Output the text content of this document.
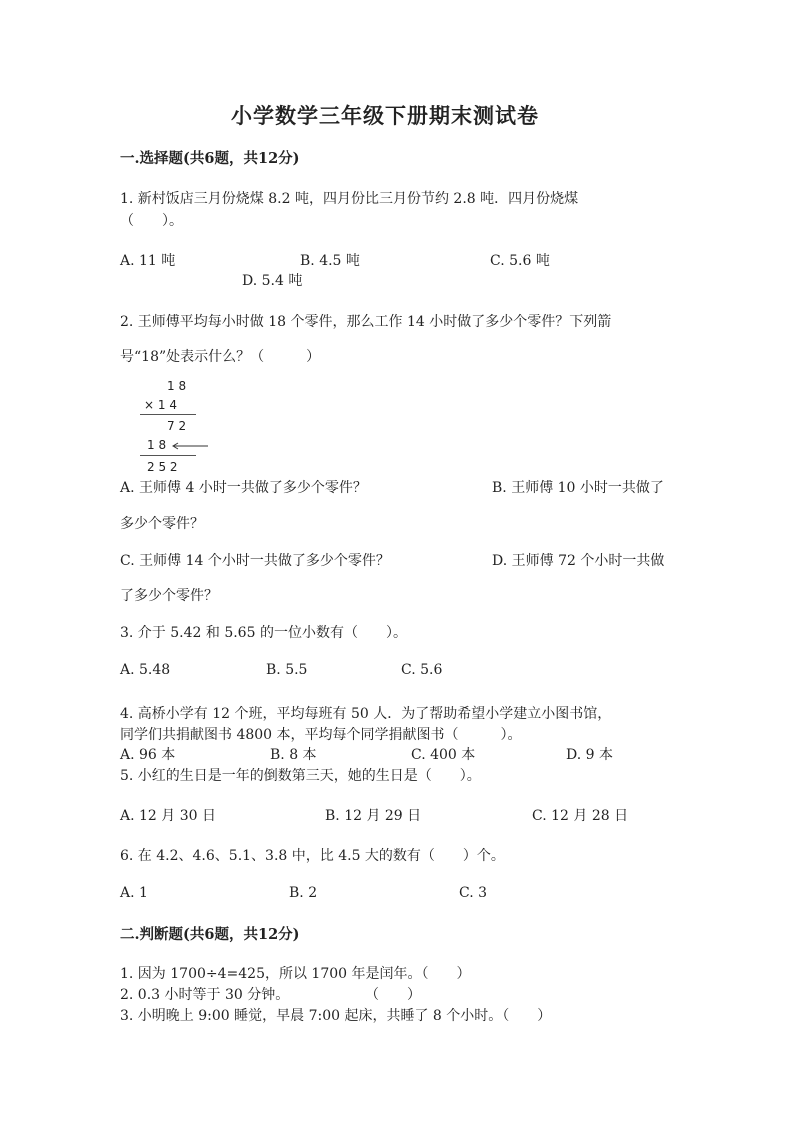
小学数学三年级下册期末测试卷
一.选择题(共6题，共12分)
1. 新村饭店三月份烧煤 8.2 吨，四月份比三月份节约 2.8 吨．四月份烧煤
（　　）。
A. 11 吨	B. 4.5 吨	C. 5.6 吨
D. 5.4 吨
2. 王师傅平均每小时做 18 个零件，那么工作 14 小时做了多少个零件？下列箭
号“18”处表示什么？（　　　）
1 8
× 1 4
7 2
1 8
2 5 2
A. 王师傅 4 小时一共做了多少个零件？	B. 王师傅 10 小时一共做了
多少个零件？
C. 王师傅 14 个小时一共做了多少个零件？	D. 王师傅 72 个小时一共做
了多少个零件？
3. 介于 5.42 和 5.65 的一位小数有（　　）。
A. 5.48	B. 5.5	C. 5.6
4. 高桥小学有 12 个班，平均每班有 50 人．为了帮助希望小学建立小图书馆，
同学们共捐献图书 4800 本，平均每个同学捐献图书（　　　）。
A. 96 本	B. 8 本	C. 400 本	D. 9 本
5. 小红的生日是一年的倒数第三天，她的生日是（　　）。
A. 12 月 30 日	B. 12 月 29 日	C. 12 月 28 日
6. 在 4.2、4.6、5.1、3.8 中，比 4.5 大的数有（　　）个。
A. 1	B. 2	C. 3
二.判断题(共6题，共12分)
1. 因为 1700÷4=425，所以 1700 年是闰年。（　　）
2. 0.3 小时等于 30 分钟。	（　　）
3. 小明晚上 9:00 睡觉，早晨 7:00 起床，共睡了 8 个小时。（　　）
